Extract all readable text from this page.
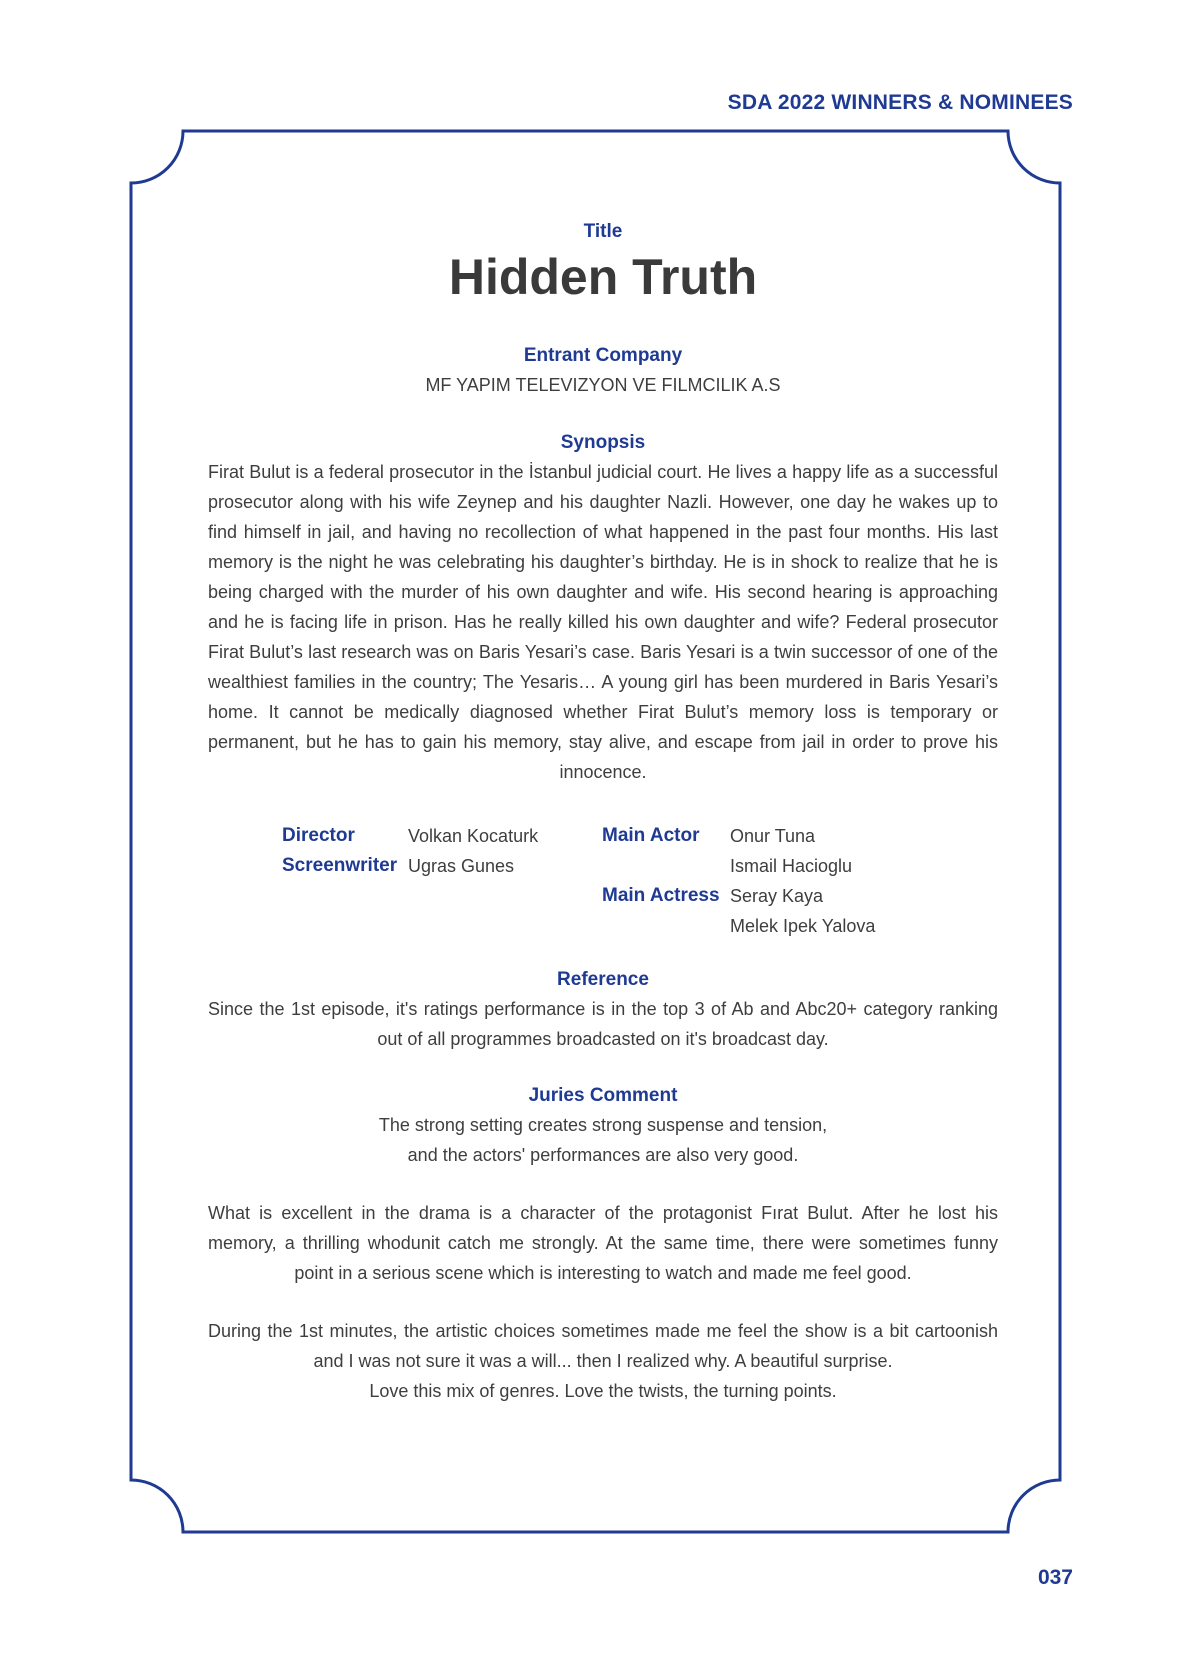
SDA 2022 WINNERS & NOMINEES
Title
Hidden Truth
Entrant Company
MF YAPIM TELEVIZYON VE FILMCILIK A.S
Synopsis
Firat Bulut is a federal prosecutor in the İstanbul judicial court. He lives a happy life as a successful prosecutor along with his wife Zeynep and his daughter Nazli. However, one day he wakes up to find himself in jail, and having no recollection of what happened in the past four months. His last memory is the night he was celebrating his daughter’s birthday. He is in shock to realize that he is being charged with the murder of his own daughter and wife. His second hearing is approaching and he is facing life in prison. Has he really killed his own daughter and wife? Federal prosecutor Firat Bulut’s last research was on Baris Yesari’s case. Baris Yesari is a twin successor of one of the wealthiest families in the country; The Yesaris… A young girl has been murdered in Baris Yesari’s home. It cannot be medically diagnosed whether Firat Bulut’s memory loss is temporary or permanent, but he has to gain his memory, stay alive, and escape from jail in order to prove his innocence.
Director
Screenwriter
Volkan Kocaturk
Ugras Gunes
Main Actor
Main Actress
Onur Tuna
Ismail Hacioglu
Seray Kaya
Melek Ipek Yalova
Reference
Since the 1st episode, it's ratings performance is in the top 3 of Ab and Abc20+ category ranking out of all programmes broadcasted on it's broadcast day.
Juries Comment
The strong setting creates strong suspense and tension,
and the actors' performances are also very good.
What is excellent in the drama is a character of the protagonist Fırat Bulut. After he lost his memory, a thrilling whodunit catch me strongly. At the same time, there were sometimes funny point in a serious scene which is interesting to watch and made me feel good.
During the 1st minutes, the artistic choices sometimes made me feel the show is a bit cartoonish and I was not sure it was a will... then I realized why. A beautiful surprise.
Love this mix of genres. Love the twists, the turning points.
037
